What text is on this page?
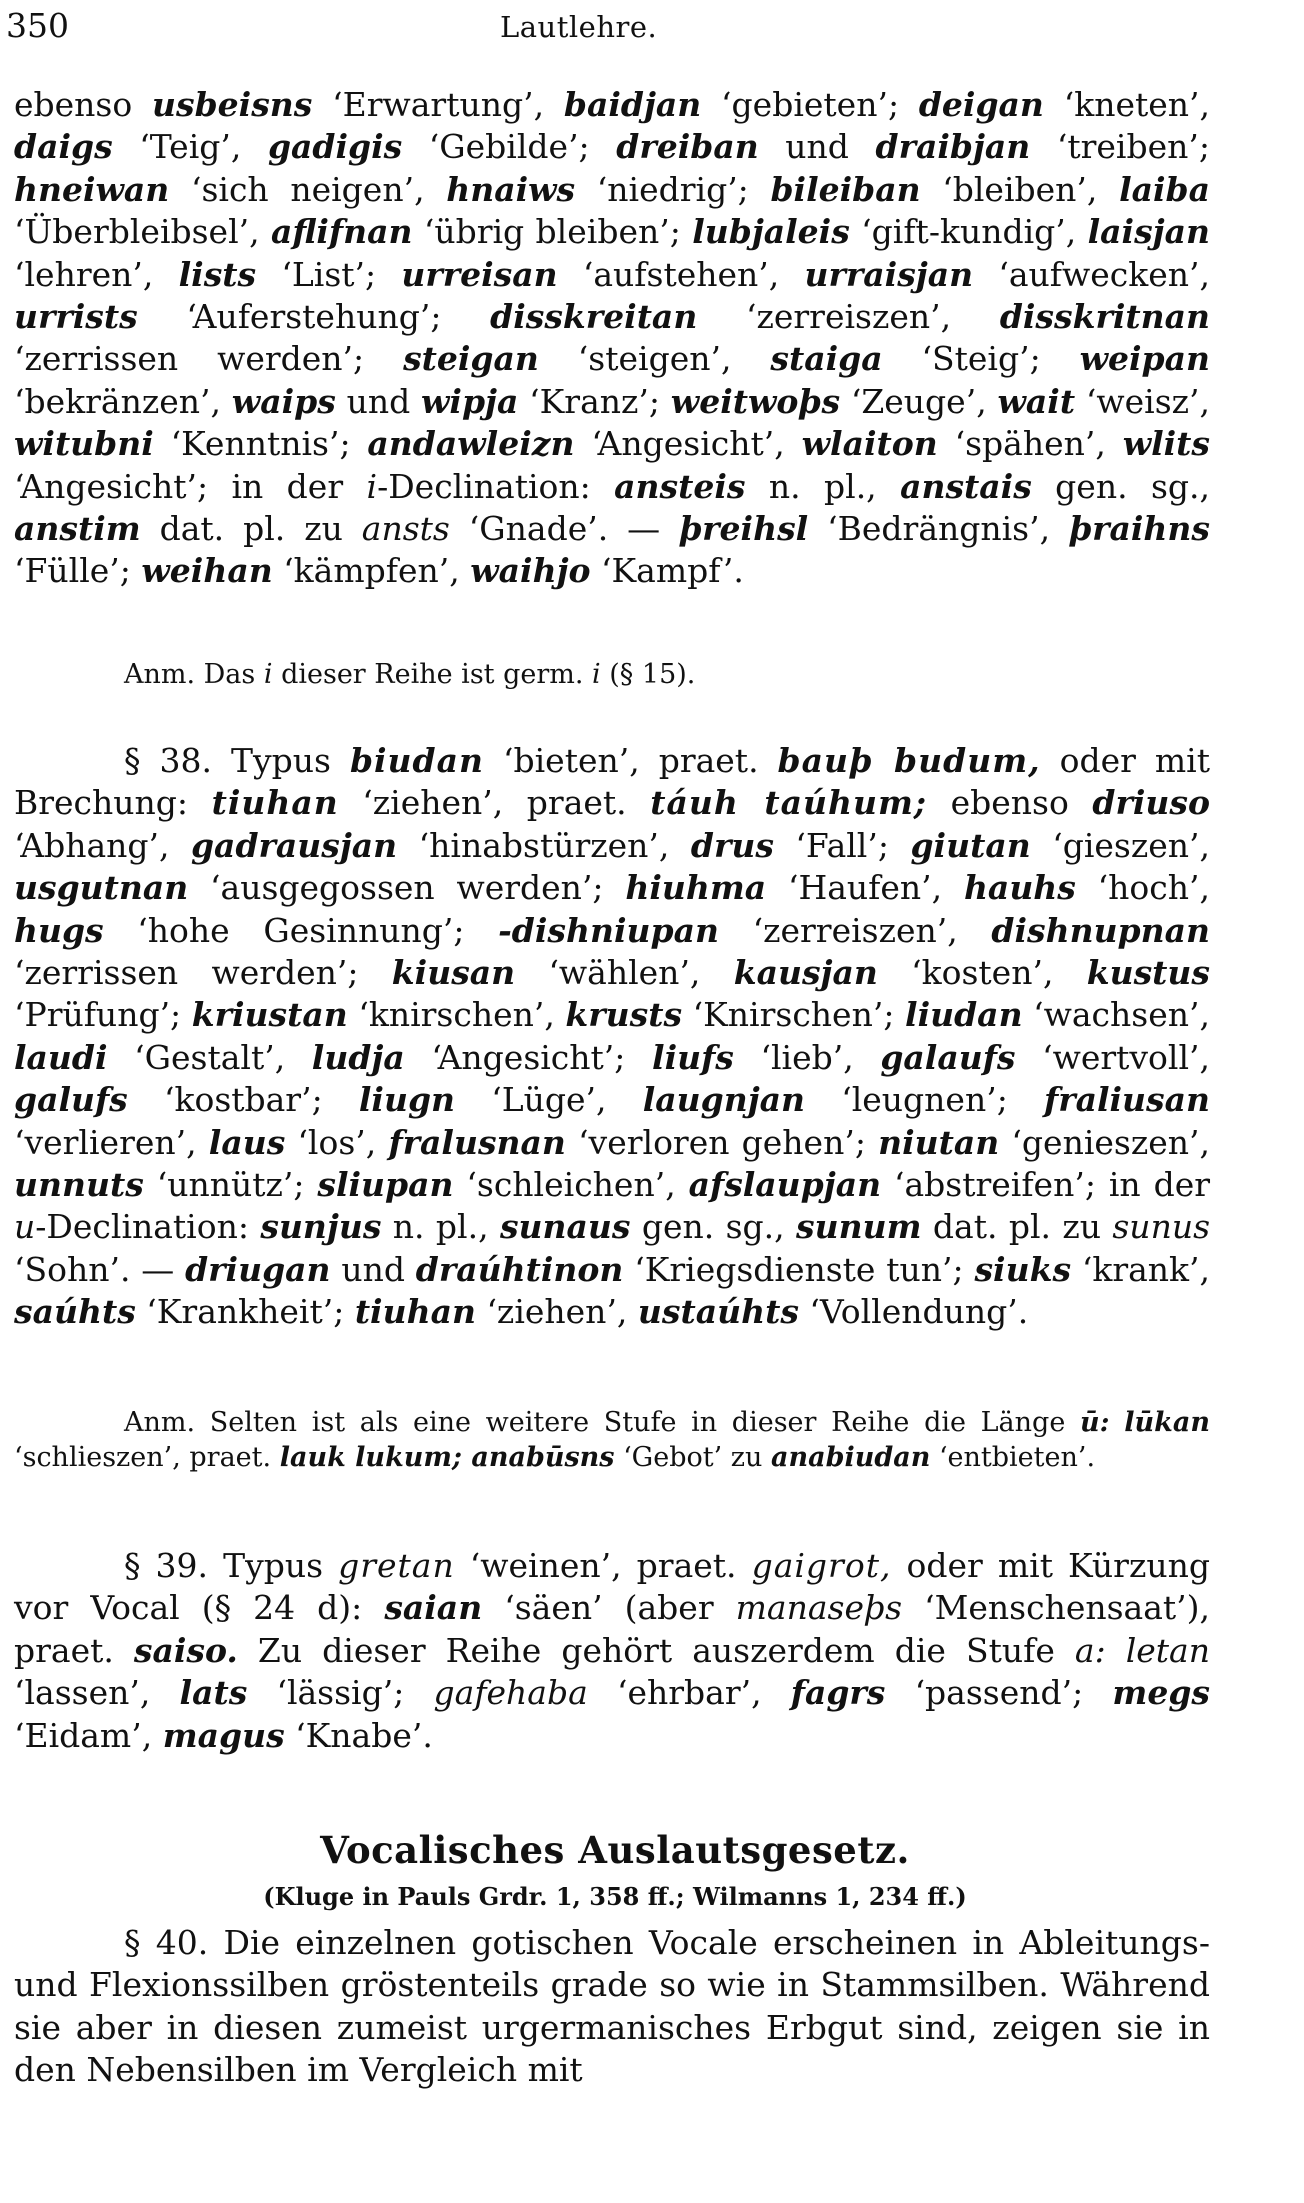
350	Lautlehre.
ebenso usbeisns ‘Erwartung’, baidjan ‘gebieten’; deigan ‘kneten’, daigs ‘Teig’, gadigis ‘Gebilde’; dreiban und draibjan ‘treiben’; hneiwan ‘sich neigen’, hnaiws ‘niedrig’; bileiban ‘bleiben’, laiba ‘Überbleibsel’, aflifnan ‘übrig bleiben’; lubjaleis ‘gift-kundig’, laisjan ‘lehren’, lists ‘List’; urreisan ‘aufstehen’, urraisjan ‘aufwecken’, urrists ‘Auferstehung’; disskreitan ‘zerreiszen’, disskritnan ‘zerrissen werden’; steigan ‘steigen’, staiga ‘Steig’; weipan ‘bekränzen’, waips und wipja ‘Kranz’; weitwoþs ‘Zeuge’, wait ‘weisz’, witubni ‘Kenntnis’; andawleizn ‘Angesicht’, wlaiton ‘spähen’, wlits ‘Angesicht’; in der i-Declination: ansteis n. pl., anstais gen. sg., anstim dat. pl. zu ansts ‘Gnade’. — þreihsl ‘Bedrängnis’, þraihns ‘Fülle’; weihan ‘kämpfen’, waihjo ‘Kampf’.
Anm. Das i dieser Reihe ist germ. i (§ 15).
§ 38. Typus biudan ‘bieten’, praet. bauþ budum, oder mit Brechung: tiuhan ‘ziehen’, praet. táuh taúhum; ebenso driuso ‘Abhang’, gadrausjan ‘hinabstürzen’, drus ‘Fall’; giutan ‘gieszen’, usgutnan ‘ausgegossen werden’; hiuhma ‘Haufen’, hauhs ‘hoch’, hugs ‘hohe Gesinnung’; -dishniupan ‘zerreiszen’, dishnupnan ‘zerrissen werden’; kiusan ‘wählen’, kausjan ‘kosten’, kustus ‘Prüfung’; kriustan ‘knirschen’, krusts ‘Knirschen’; liudan ‘wachsen’, laudi ‘Gestalt’, ludja ‘Angesicht’; liufs ‘lieb’, galaufs ‘wertvoll’, galufs ‘kostbar’; liugn ‘Lüge’, laugnjan ‘leugnen’; fraliusan ‘verlieren’, laus ‘los’, fralusnan ‘verloren gehen’; niutan ‘genieszen’, unnuts ‘unnütz’; sliupan ‘schleichen’, afslaupjan ‘abstreifen’; in der u-Declination: sunjus n. pl., sunaus gen. sg., sunum dat. pl. zu sunus ‘Sohn’. — driugan und draúhtinon ‘Kriegsdienste tun’; siuks ‘krank’, saúhts ‘Krankheit’; tiuhan ‘ziehen’, ustaúhts ‘Vollendung’.
Anm. Selten ist als eine weitere Stufe in dieser Reihe die Länge ū: lūkan ‘schlieszen’, praet. lauk lukum; anabūsns ‘Gebot’ zu anabiudan ‘entbieten’.
§ 39. Typus gretan ‘weinen’, praet. gaigrot, oder mit Kürzung vor Vocal (§ 24 d): saian ‘säen’ (aber manaseþs ‘Menschensaat’), praet. saiso. Zu dieser Reihe gehört auszerdem die Stufe a: letan ‘lassen’, lats ‘lässig’; gafehaba ‘ehrbar’, fagrs ‘passend’; megs ‘Eidam’, magus ‘Knabe’.
Vocalisches Auslautsgesetz.
(Kluge in Pauls Grdr. 1, 358 ff.; Wilmanns 1, 234 ff.)
§ 40. Die einzelnen gotischen Vocale erscheinen in Ableitungs- und Flexionssilben gröstenteils grade so wie in Stammsilben. Während sie aber in diesen zumeist urgermanisches Erbgut sind, zeigen sie in den Nebensilben im Vergleich mit
